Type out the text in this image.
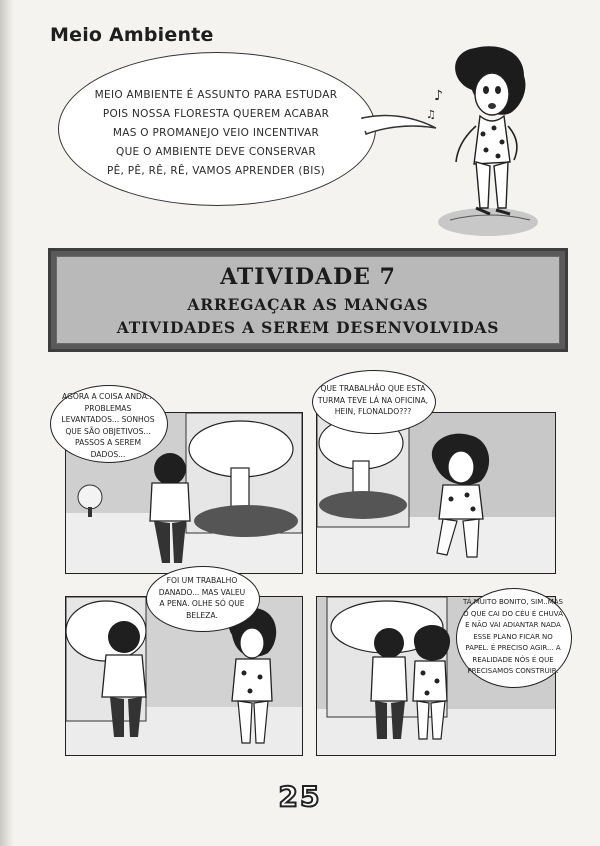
Meio Ambiente
MEIO AMBIENTE É ASSUNTO PARA ESTUDAR
POIS NOSSA FLORESTA QUEREM ACABAR
MAS O PROMANEJO VEIO INCENTIVAR
QUE O AMBIENTE DEVE CONSERVAR
PÊ, PÊ, RÊ, RÊ, VAMOS APRENDER (BIS)
♪
♫
ATIVIDADE 7
ARREGAÇAR AS MANGAS
ATIVIDADES A SEREM DESENVOLVIDAS
AGORA A COISA ANDA...
PROBLEMAS
LEVANTADOS... SONHOS
QUE SÃO OBJETIVOS...
PASSOS A SEREM
DADOS...
QUE TRABALHÃO QUE ESTA
TURMA TEVE LÁ NA OFICINA,
HEIN, FLONALDO???
FOI UM TRABALHO
DANADO... MAS VALEU
A PENA. OLHE SÓ QUE
BELEZA.
TÁ MUITO BONITO, SIM..MAS
O QUE CAI DO CÉU É CHUVA
E NÃO VAI ADIANTAR NADA
ESSE PLANO FICAR NO
PAPEL. É PRECISO AGIR... A
REALIDADE NÓS É QUE
PRECISAMOS CONSTRUIR.
25
